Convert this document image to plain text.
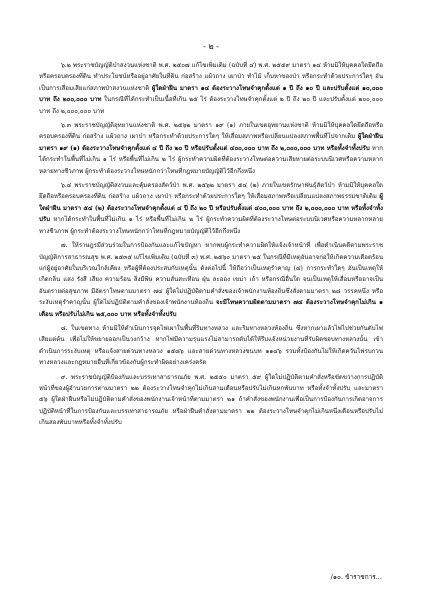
- ๒ -

๖.๒ พระราชบัญญัติป่าสงวนแห่งชาติ พ.ศ. ๒๕๐๗ แก้ไขเพิ่มเติม (ฉบับที่ ๔) พ.ศ. ๒๕๕๙ มาตรา ๑๔ ห้ามมิให้บุคคลใดยึดถือหรือครอบครองที่ดิน ทำประโยชน์หรืออยู่อาศัยในที่ดิน ก่อสร้าง แผ้วถาง เผาป่า ทำไม้ เก็บหาของป่า หรือกระทำด้วยประการใดๆ อันเป็นการเสื่อมเสียแก่สภาพป่าสงวนแห่งชาติ ผู้ใดฝ่าฝืน มาตรา ๑๔ ต้องระวางโทษจำคุกตั้งแต่ ๑ ปี ถึง ๑๐ ปี และปรับตั้งแต่ ๑๐,๐๐๐ บาท ถึง ๒๐๐,๐๐๐ บาท ในกรณีที่ได้กระทำเป็นเนื้อที่เกิน ๒๕ ไร่ ต้องระวางโทษจำคุกตั้งแต่ ๒ ปี ถึง ๒๐ ปี และปรับตั้งแต่ ๒๐๐,๐๐๐ บาท ถึง ๒,๐๐๐,๐๐๐ บาท

๖.๓ พระราชบัญญัติอุทยานแห่งชาติ พ.ศ. ๒๕๖๒ มาตรา ๑๙ (๑) ภายในเขตอุทยานแห่งชาติ ห้ามมิให้บุคคลใดยึดถือหรือครอบครองที่ดิน ก่อสร้าง แผ้วถาง เผาป่า หรือกระทำด้วยประการใดๆ ให้เสื่อมสภาพหรือเปลี่ยนแปลงสภาพพื้นที่ไปจากเดิม ผู้ใดฝ่าฝืน มาตรา ๑๙ (๑) ต้องระวางโทษจำคุกตั้งแต่ ๔ ปี ถึง ๒๐ ปี หรือปรับตั้งแต่ ๔๐๐,๐๐๐ บาท ถึง ๒,๐๐๐,๐๐๐ บาท หรือทั้งจำทั้งปรับ หากได้กระทำในพื้นที่ไม่เกิน ๑ ไร่ หรือพื้นที่ไม่เกิน ๒ ไร่ ผู้กระทำความผิดที่ต้องระวางโทษต่อความเสียหายต่อระบบนิเวศหรือความหลากหลายทางชีวภาพ ผู้กระทำต้องระวางโทษหนักกว่าโทษที่กฎหมายบัญญัติไว้อีกกึ่งหนึ่ง

๖.๔ พระราชบัญญัติสงวนและคุ้มครองสัตว์ป่า พ.ศ. ๒๕๖๒ มาตรา ๕๔ (๒) ภายในเขตรักษาพันธุ์สัตว์ป่า ห้ามมิให้บุคคลใดยึดถือหรือครอบครองที่ดิน ก่อสร้าง แผ้วถาง เผาป่า หรือกระทำด้วยประการใดๆ ให้เสื่อมสภาพหรือเปลี่ยนแปลงสภาพธรรมชาติเดิม ผู้ใดฝ่าฝืน มาตรา ๕๔ (๒) ต้องระวางโทษจำคุกตั้งแต่ ๔ ปี ถึง ๒๐ ปี หรือปรับตั้งแต่ ๔๐๐,๐๐๐ บาท ถึง ๒,๐๐๐,๐๐๐ บาท หรือทั้งจำทั้งปรับ หากได้กระทำในพื้นที่ไม่เกิน ๑ ไร่ หรือพื้นที่ไม่เกิน ๒ ไร่ ผู้กระทำความผิดที่ต้องระวางโทษต่อระบบนิเวศหรือความหลากหลายทางชีวภาพ ผู้กระทำต้องระวางโทษหนักกว่าโทษที่กฎหมายบัญญัติไว้อีกกึ่งหนึ่ง

๗. ให้ราษฎรมีส่วนร่วมในการป้องกันและแก้ไขปัญหา หากพบผู้กระทำความผิดให้แจ้งเจ้าหน้าที่ เพื่อดำเนินคดีตามพระราชบัญญัติการสาธารณสุข พ.ศ. ๒๕๓๕ แก้ไขเพิ่มเติม (ฉบับที่ ๓) พ.ศ. ๒๕๖๐ มาตรา ๒๕ ในกรณีที่มีเหตุอันอาจก่อให้เกิดความเดือดร้อนแก่ผู้อยู่อาศัยในบริเวณใกล้เคียง หรือผู้ที่ต้องประสบกับเหตุนั้น ดังต่อไปนี้ ให้ถือว่าเป็นเหตุรำคาญ (๔) การกระทำใดๆ อันเป็นเหตุให้เกิดกลิ่น แสง รังสี เสียง ความร้อน สิ่งมีพิษ ความสั่นสะเทือน ฝุ่น ละออง เขม่า เถ้า หรือกรณีอื่นใด จนเป็นเหตุให้เสื่อมหรืออาจเป็นอันตรายต่อสุขภาพ มีอัตราโทษตามมาตรา ๗๔ ผู้ใดไม่ปฏิบัติตามคำสั่งของเจ้าพนักงานท้องถิ่นซึ่งสั่งตามมาตรา ๒๘ วรรคหนึ่ง หรือระงับเหตุรำคาญนั้น ผู้ใดไม่ปฏิบัติตามคำสั่งของเจ้าพนักงานท้องถิ่น จะมีโทษความผิดตามมาตรา ๗๔ ต้องระวางโทษจำคุกไม่เกิน ๑ เดือน หรือปรับไม่เกิน ๒๕,๐๐๐ บาท หรือทั้งจำทั้งปรับ

๘. ในเขตทาง ห้ามมิให้ดำเนินการจุดไฟเผาในพื้นที่ริมทางหลวง และริมทางหลวงท้องถิ่น ซึ่งหากเผาแล้วไฟไปช่วยกันดับไฟเสียแต่ต้น เพื่อไม่ให้ขยายออกเป็นวงกว้าง หากไฟมีความรุนแรงไม่สามารถดับได้ให้รีบแจ้งหน่วยงานที่รับผิดชอบทางหลวงนั้น เข้าดำเนินการระงับเหตุ หรือแจ้งสายด่วนทางหลวง ๑๕๘๖ และสายด่วนทางหลวงชนบท ๑๑๔๖ รวมทั้งป้องกันไม่ให้เกิดควันไฟรบกวนทางหลวงและกฎหมายอื่นที่เกี่ยวข้องกับผู้กระทำผิดอย่างเคร่งครัด

๙. พระราชบัญญัติป้องกันและบรรเทาสาธารณภัย พ.ศ. ๒๕๕๐ มาตรา ๕๙ ผู้ใดไม่ปฏิบัติตามคำสั่งหรือขัดขวางการปฏิบัติหน้าที่ของผู้อำนวยการตามมาตรา ๒๒ ต้องระวางโทษจำคุกไม่เกินสามเดือนหรือปรับไม่เกินหกพันบาท หรือทั้งจำทั้งปรับ และมาตรา ๕๖ ผู้ใดฝ่าฝืนหรือไม่ปฏิบัติตามคำสั่งของพนักงานเจ้าหน้าที่ตามมาตรา ๒๑ ถ้าคำสั่งของพนักงานเพื่อเป็นการป้องกันการเกิดอาจการปฏิบัติหน้าที่ในการป้องกันและบรรเทาสาธารณภัย หรือฝ่าฝืนคำสั่งตามมาตรา ๒๒ ต้องระวางโทษจำคุกไม่เกินหนึ่งเดือนหรือปรับไม่เกินสองพันบาทหรือทั้งจำทั้งปรับ

/๑๐. ข้าราชการ...
